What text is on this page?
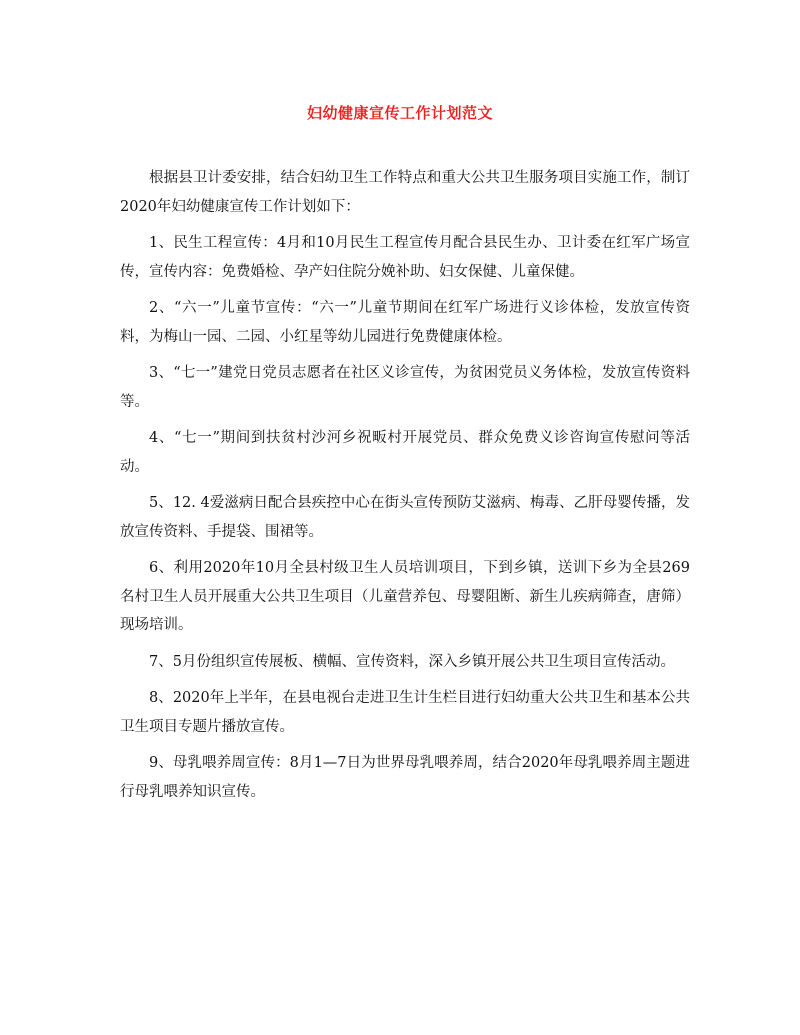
妇幼健康宣传工作计划范文

根据县卫计委安排，结合妇幼卫生工作特点和重大公共卫生服务项目实施工作，制订2020年妇幼健康宣传工作计划如下：

1、民生工程宣传：4月和10月民生工程宣传月配合县民生办、卫计委在红军广场宣传，宣传内容：免费婚检、孕产妇住院分娩补助、妇女保健、儿童保健。

2、“六一”儿童节宣传：“六一”儿童节期间在红军广场进行义诊体检，发放宣传资料，为梅山一园、二园、小红星等幼儿园进行免费健康体检。

3、“七一”建党日党员志愿者在社区义诊宣传，为贫困党员义务体检，发放宣传资料等。

4、“七一”期间到扶贫村沙河乡祝畈村开展党员、群众免费义诊咨询宣传慰问等活动。

5、12. 4爱滋病日配合县疾控中心在街头宣传预防艾滋病、梅毒、乙肝母婴传播，发放宣传资料、手提袋、围裙等。

6、利用2020年10月全县村级卫生人员培训项目，下到乡镇，送训下乡为全县269名村卫生人员开展重大公共卫生项目（儿童营养包、母婴阻断、新生儿疾病筛查，唐筛）现场培训。

7、5月份组织宣传展板、横幅、宣传资料，深入乡镇开展公共卫生项目宣传活动。

8、2020年上半年，在县电视台走进卫生计生栏目进行妇幼重大公共卫生和基本公共卫生项目专题片播放宣传。

9、母乳喂养周宣传：8月1—7日为世界母乳喂养周，结合2020年母乳喂养周主题进行母乳喂养知识宣传。
